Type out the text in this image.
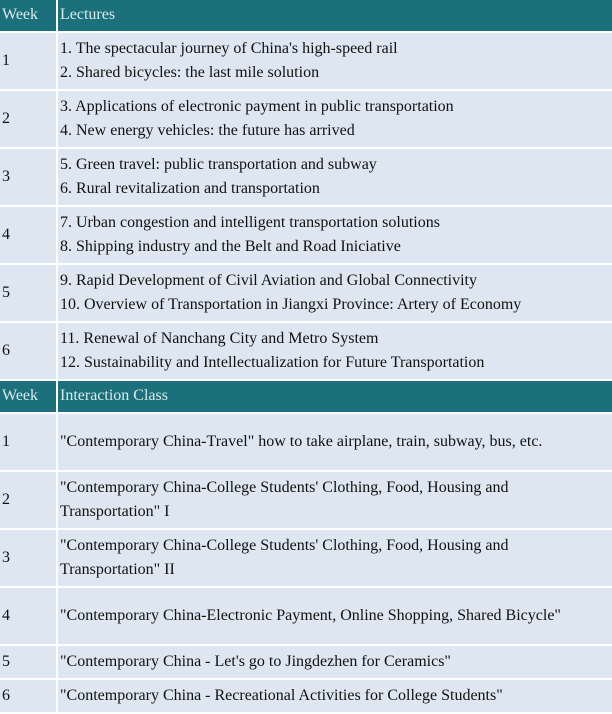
Week	Lectures
1	1. The spectacular journey of China's high-speed rail
2. Shared bicycles: the last mile solution

2	3. Applications of electronic payment in public transportation
4. New energy vehicles: the future has arrived

3	5. Green travel: public transportation and subway
6. Rural revitalization and transportation

4	7. Urban congestion and intelligent transportation solutions
8. Shipping industry and the Belt and Road Iniciative

5	9. Rapid Development of Civil Aviation and Global Connectivity
10. Overview of Transportation in Jiangxi Province: Artery of Economy

6	11. Renewal of Nanchang City and Metro System
12. Sustainability and Intellectualization for Future Transportation

Week	Interaction Class
1	"Contemporary China-Travel" how to take airplane, train, subway, bus, etc.

2	"Contemporary China-College Students' Clothing, Food, Housing and Transportation" I

3	"Contemporary China-College Students' Clothing, Food, Housing and Transportation" II

4	"Contemporary China-Electronic Payment, Online Shopping, Shared Bicycle"

5	"Contemporary China - Let's go to Jingdezhen for Ceramics"

6	"Contemporary China - Recreational Activities for College Students"
